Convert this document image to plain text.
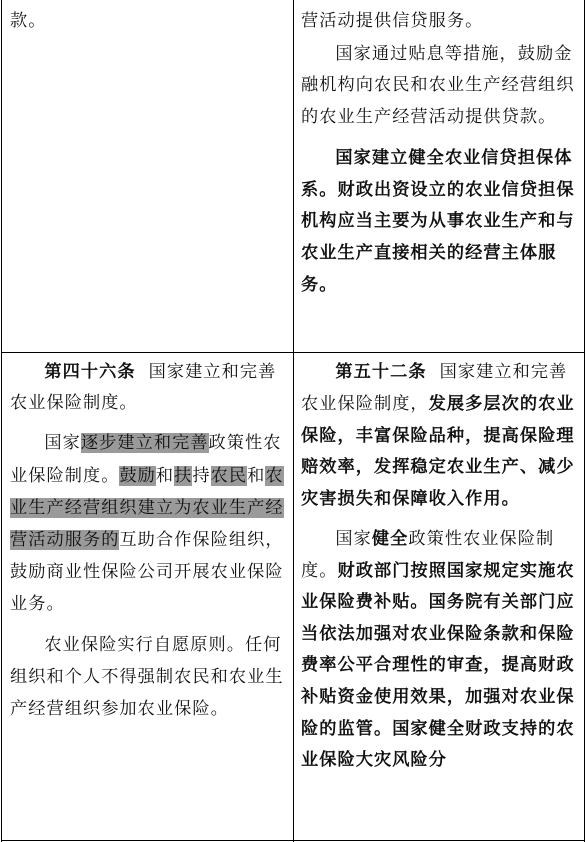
款。	营活动提供信贷服务。

国家通过贴息等措施，鼓励金融机构向农民和农业生产经营组织的农业生产经营活动提供贷款。

国家建立健全农业信贷担保体系。财政出资设立的农业信贷担保机构应当主要为从事农业生产和与农业生产直接相关的经营主体服务。

第四十六条 国家建立和完善农业保险制度。

国家逐步建立和完善政策性农业保险制度。鼓励和扶持农民和农业生产经营组织建立为农业生产经营活动服务的互助合作保险组织，鼓励商业性保险公司开展农业保险业务。

农业保险实行自愿原则。任何组织和个人不得强制农民和农业生产经营组织参加农业保险。

第五十二条 国家建立和完善农业保险制度，发展多层次的农业保险，丰富保险品种，提高保险理赔效率，发挥稳定农业生产、减少灾害损失和保障收入作用。

国家健全政策性农业保险制度。财政部门按照国家规定实施农业保险费补贴。国务院有关部门应当依法加强对农业保险条款和保险费率公平合理性的审查，提高财政补贴资金使用效果，加强对农业保险的监管。国家健全财政支持的农业保险大灾风险分
